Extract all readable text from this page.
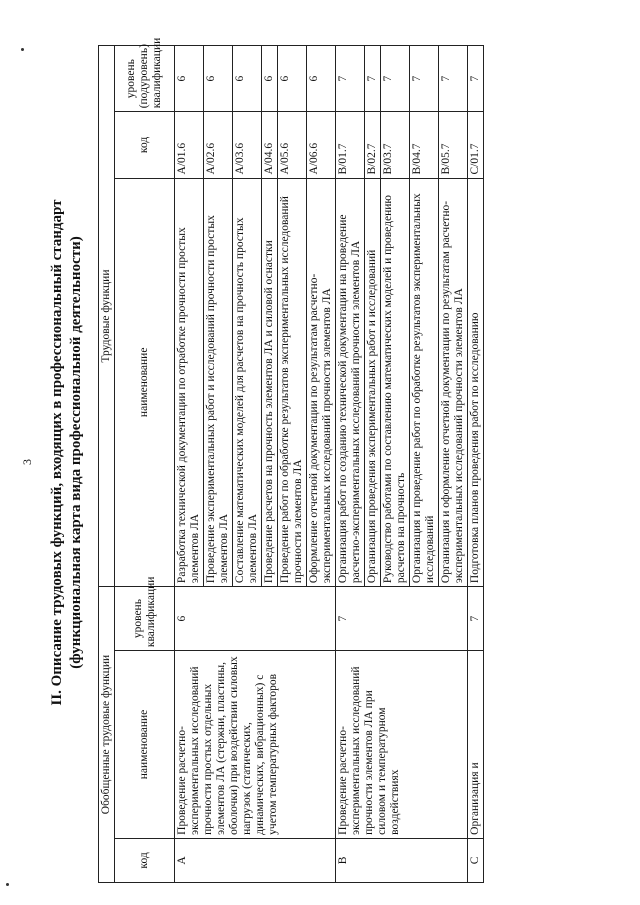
3 II. Описание трудовых функций, входящих в профессиональный стандарт (функциональная карта вида профессиональной деятельности)
Обобщенные трудовые функции			Трудовые функции		
код	наименование	уровень квалификации	наименование	код	уровень (подуровень) квалификации
A	Проведение расчетно-экспериментальных исследований прочности простых отдельных элементов ЛА (стержни, пластины, оболочки) при воздействии силовых нагрузок (статических, динамических, вибрационных) с учетом температурных факторов	6	Разработка технической документации по отработке прочности простых элементов ЛА	A/01.6	6
			Проведение экспериментальных работ и исследований прочности простых элементов ЛА	A/02.6	6
			Составление математических моделей для расчетов на прочность простых элементов ЛА	A/03.6	6
			Проведение расчетов на прочность элементов ЛА и силовой оснастки	A/04.6	6
			Проведение работ по обработке результатов экспериментальных исследований прочности элементов ЛА	A/05.6	6
			Оформление отчетной документации по результатам расчетно-экспериментальных исследований прочности элементов ЛА	A/06.6	6
B	Проведение расчетно-экспериментальных исследований прочности элементов ЛА при силовом и температурном воздействиях	7	Организация работ по созданию технической документации на проведение расчетно-экспериментальных исследований прочности элементов ЛА	B/01.7	7
			Организация проведения экспериментальных работ и исследований	B/02.7	7
			Руководство работами по составлению математических моделей и проведению расчетов на прочность	B/03.7	7
			Организация и проведение работ по обработке результатов экспериментальных исследований	B/04.7	7
			Организация и оформление отчетной документации по результатам расчетно-экспериментальных исследований прочности элементов ЛА	B/05.7	7
C	Организация и	7	Подготовка планов проведения работ по исследованию	C/01.7	7
